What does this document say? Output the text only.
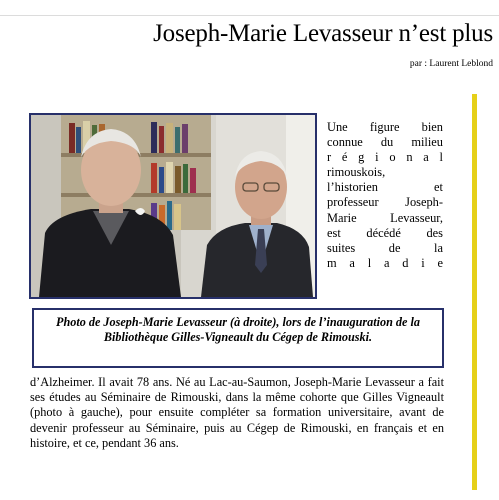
Joseph-Marie Levasseur n’est plus
par : Laurent Leblond
Une figure bien
connue du milieu
r é g i o n a l
rimouskois,
l’historien et
professeur Joseph-
Marie Levasseur,
est décédé des
suites de la
m a l a d i e
Photo de Joseph-Marie Levasseur (à droite), lors de l’inauguration de la Bibliothèque Gilles-Vigneault du Cégep de Rimouski.

d’Alzheimer. Il avait 78 ans. Né au Lac-au-Saumon, Joseph-Marie Levasseur a fait ses études au Séminaire de Rimouski, dans la même cohorte que Gilles Vigneault (photo à gauche), pour ensuite compléter sa formation universitaire, avant de devenir professeur au Séminaire, puis au Cégep de Rimouski, en français et en histoire, et ce, pendant 36 ans.
